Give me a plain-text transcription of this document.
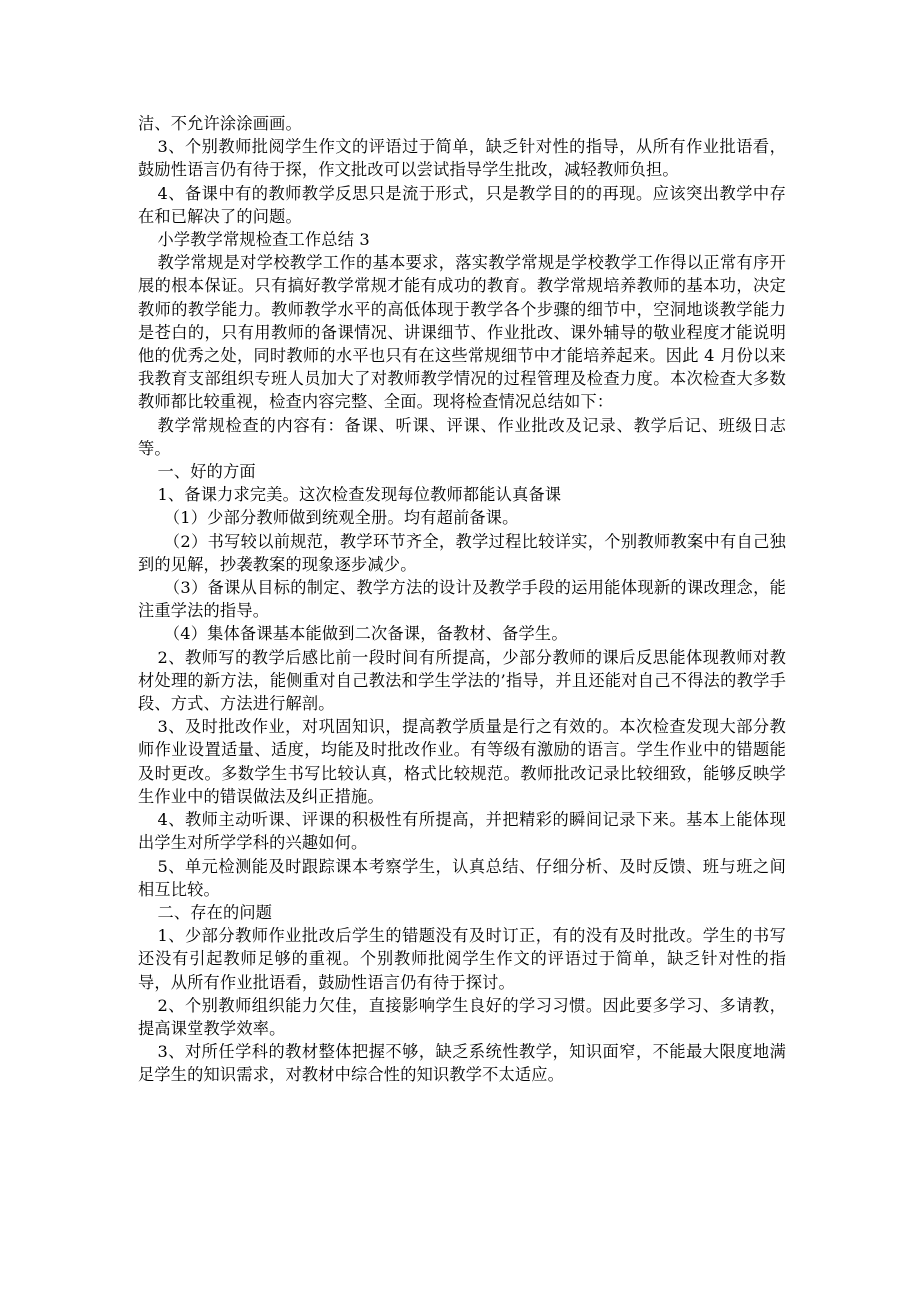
洁、不允许涂涂画画。

3、个别教师批阅学生作文的评语过于简单，缺乏针对性的指导，从所有作业批语看，鼓励性语言仍有待于探，作文批改可以尝试指导学生批改，减轻教师负担。

4、备课中有的教师教学反思只是流于形式，只是教学目的的再现。应该突出教学中存在和已解决了的问题。

小学教学常规检查工作总结 3

教学常规是对学校教学工作的基本要求，落实教学常规是学校教学工作得以正常有序开展的根本保证。只有搞好教学常规才能有成功的教育。教学常规培养教师的基本功，决定教师的教学能力。教师教学水平的高低体现于教学各个步骤的细节中，空洞地谈教学能力是苍白的，只有用教师的备课情况、讲课细节、作业批改、课外辅导的敬业程度才能说明他的优秀之处，同时教师的水平也只有在这些常规细节中才能培养起来。因此 4 月份以来我教育支部组织专班人员加大了对教师教学情况的过程管理及检查力度。本次检查大多数教师都比较重视，检查内容完整、全面。现将检查情况总结如下：

教学常规检查的内容有：备课、听课、评课、作业批改及记录、教学后记、班级日志等。

一、好的方面

1、备课力求完美。这次检查发现每位教师都能认真备课

（1）少部分教师做到统观全册。均有超前备课。

（2）书写较以前规范，教学环节齐全，教学过程比较详实，个别教师教案中有自己独到的见解，抄袭教案的现象逐步减少。

（3）备课从目标的制定、教学方法的设计及教学手段的运用能体现新的课改理念，能注重学法的指导。

（4）集体备课基本能做到二次备课，备教材、备学生。

2、教师写的教学后感比前一段时间有所提高，少部分教师的课后反思能体现教师对教材处理的新方法，能侧重对自己教法和学生学法的’指导，并且还能对自己不得法的教学手段、方式、方法进行解剖。

3、及时批改作业，对巩固知识，提高教学质量是行之有效的。本次检查发现大部分教师作业设置适量、适度，均能及时批改作业。有等级有激励的语言。学生作业中的错题能及时更改。多数学生书写比较认真，格式比较规范。教师批改记录比较细致，能够反映学生作业中的错误做法及纠正措施。

4、教师主动听课、评课的积极性有所提高，并把精彩的瞬间记录下来。基本上能体现出学生对所学学科的兴趣如何。

5、单元检测能及时跟踪课本考察学生，认真总结、仔细分析、及时反馈、班与班之间相互比较。

二、存在的问题

1、少部分教师作业批改后学生的错题没有及时订正，有的没有及时批改。学生的书写还没有引起教师足够的重视。个别教师批阅学生作文的评语过于简单，缺乏针对性的指导，从所有作业批语看，鼓励性语言仍有待于探讨。

2、个别教师组织能力欠佳，直接影响学生良好的学习习惯。因此要多学习、多请教，提高课堂教学效率。

3、对所任学科的教材整体把握不够，缺乏系统性教学，知识面窄，不能最大限度地满足学生的知识需求，对教材中综合性的知识教学不太适应。
